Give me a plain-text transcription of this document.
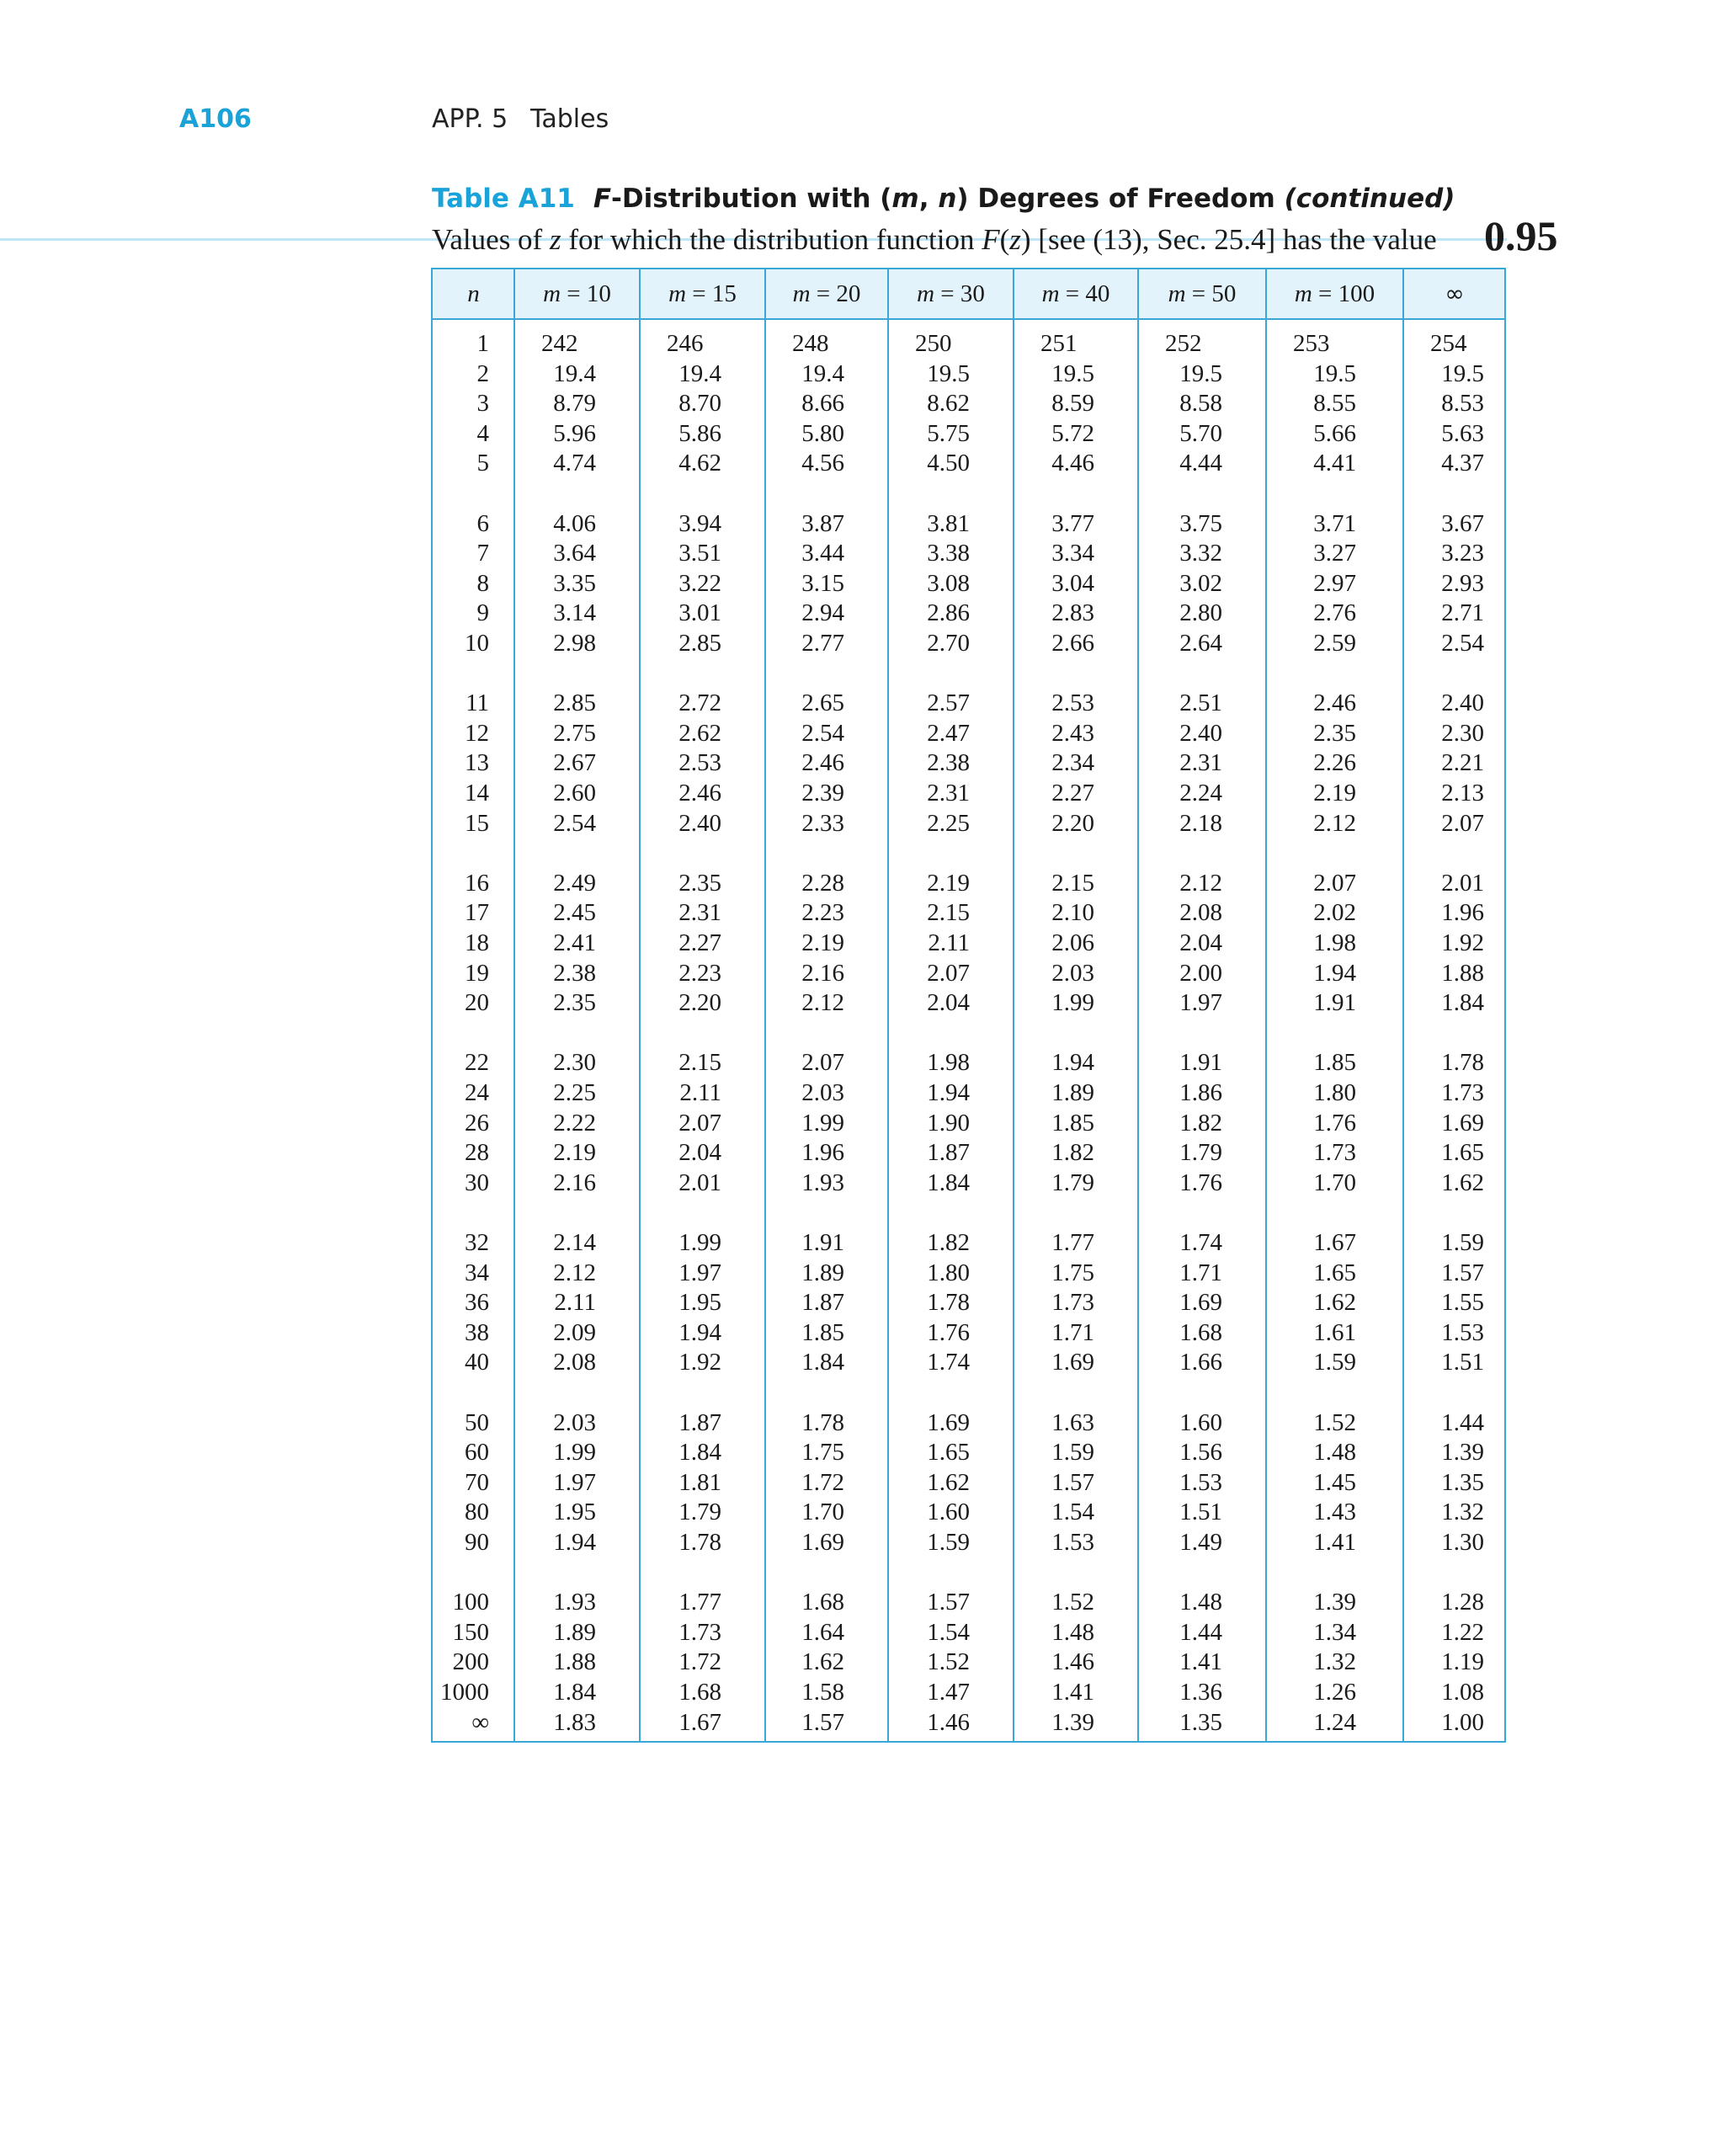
A106	APP. 5 Tables
Table A11 F-Distribution with (m, n) Degrees of Freedom (continued)
Values of z for which the distribution function F(z) [see (13), Sec. 25.4] has the value 0.95
n	m = 10	m = 15	m = 20	m = 30	m = 40	m = 50	m = 100	∞
1 242	246	248	250	251	252	253	254
2	19.4	19.4	19.4	19.5	19.5	19.5	19.5	19.5
3	8.79	8.70	8.66	8.62	8.59	8.58	8.55	8.53
4	5.96	5.86	5.80	5.75	5.72	5.70	5.66	5.63
5	4.74	4.62	4.56	4.50	4.46	4.44	4.41	4.37
6	4.06	3.94	3.87	3.81	3.77	3.75	3.71	3.67
7	3.64	3.51	3.44	3.38	3.34	3.32	3.27	3.23
8	3.35	3.22	3.15	3.08	3.04	3.02	2.97	2.93
9	3.14	3.01	2.94	2.86	2.83	2.80	2.76	2.71
10	2.98	2.85	2.77	2.70	2.66	2.64	2.59	2.54
11	2.85	2.72	2.65	2.57	2.53	2.51	2.46	2.40
12	2.75	2.62	2.54	2.47	2.43	2.40	2.35	2.30
13	2.67	2.53	2.46	2.38	2.34	2.31	2.26	2.21
14	2.60	2.46	2.39	2.31	2.27	2.24	2.19	2.13
15	2.54	2.40	2.33	2.25	2.20	2.18	2.12	2.07
16	2.49	2.35	2.28	2.19	2.15	2.12	2.07	2.01
17	2.45	2.31	2.23	2.15	2.10	2.08	2.02	1.96
18	2.41	2.27	2.19	2.11	2.06	2.04	1.98	1.92
19	2.38	2.23	2.16	2.07	2.03	2.00	1.94	1.88
20	2.35	2.20	2.12	2.04	1.99	1.97	1.91	1.84
22	2.30	2.15	2.07	1.98	1.94	1.91	1.85	1.78
24	2.25	2.11	2.03	1.94	1.89	1.86	1.80	1.73
26	2.22	2.07	1.99	1.90	1.85	1.82	1.76	1.69
28	2.19	2.04	1.96	1.87	1.82	1.79	1.73	1.65
30	2.16	2.01	1.93	1.84	1.79	1.76	1.70	1.62
32	2.14	1.99	1.91	1.82	1.77	1.74	1.67	1.59
34	2.12	1.97	1.89	1.80	1.75	1.71	1.65	1.57
36	2.11	1.95	1.87	1.78	1.73	1.69	1.62	1.55
38	2.09	1.94	1.85	1.76	1.71	1.68	1.61	1.53
40	2.08	1.92	1.84	1.74	1.69	1.66	1.59	1.51
50	2.03	1.87	1.78	1.69	1.63	1.60	1.52	1.44
60	1.99	1.84	1.75	1.65	1.59	1.56	1.48	1.39
70	1.97	1.81	1.72	1.62	1.57	1.53	1.45	1.35
80	1.95	1.79	1.70	1.60	1.54	1.51	1.43	1.32
90	1.94	1.78	1.69	1.59	1.53	1.49	1.41	1.30
100	1.93	1.77	1.68	1.57	1.52	1.48	1.39	1.28
150	1.89	1.73	1.64	1.54	1.48	1.44	1.34	1.22
200	1.88	1.72	1.62	1.52	1.46	1.41	1.32	1.19
1000	1.84	1.68	1.58	1.47	1.41	1.36	1.26	1.08
∞	1.83	1.67	1.57	1.46	1.39	1.35	1.24	1.00
